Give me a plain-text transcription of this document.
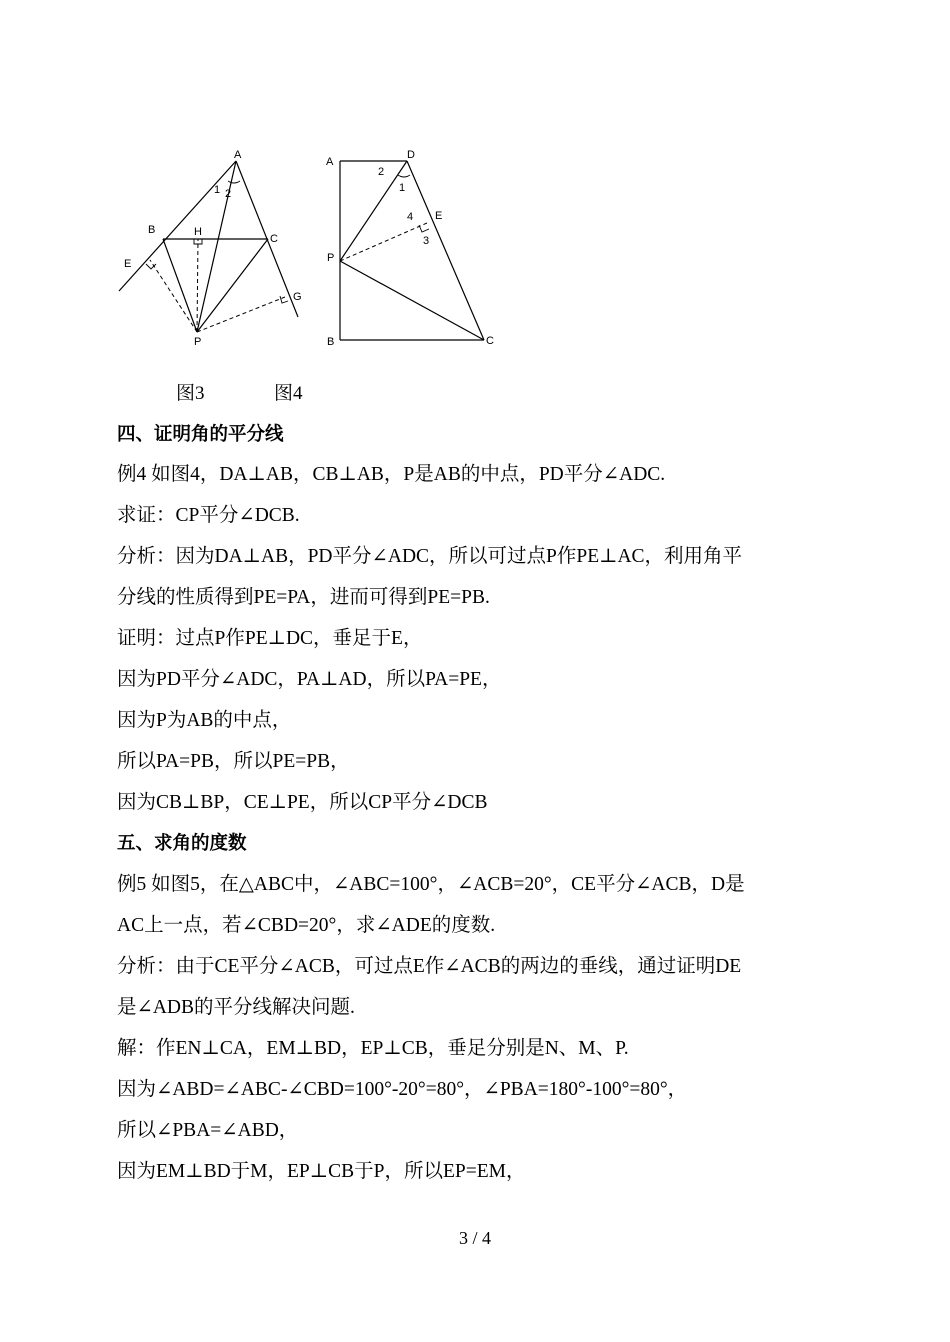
A
B
C
E
G
H
P
1 2
A
D
E
P
B	C
1
2
3
4
图3	图4
四、证明角的平分线
例4 如图4，DA⊥AB，CB⊥AB，P是AB的中点，PD平分∠ADC.
求证：CP平分∠DCB.
分析：因为DA⊥AB，PD平分∠ADC，所以可过点P作PE⊥AC，利用角平
分线的性质得到PE=PA，进而可得到PE=PB.
证明：过点P作PE⊥DC，垂足于E，
因为PD平分∠ADC，PA⊥AD，所以PA=PE，
因为P为AB的中点，
所以PA=PB，所以PE=PB，
因为CB⊥BP，CE⊥PE，所以CP平分∠DCB
五、求角的度数
例5 如图5，在△ABC中，∠ABC=100°，∠ACB=20°，CE平分∠ACB，D是
AC上一点，若∠CBD=20°，求∠ADE的度数.
分析：由于CE平分∠ACB，可过点E作∠ACB的两边的垂线，通过证明DE
是∠ADB的平分线解决问题.
解：作EN⊥CA，EM⊥BD，EP⊥CB，垂足分别是N、M、P.
因为∠ABD=∠ABC-∠CBD=100°-20°=80°，∠PBA=180°-100°=80°，
所以∠PBA=∠ABD，
因为EM⊥BD于M，EP⊥CB于P，所以EP=EM，
3 / 4
